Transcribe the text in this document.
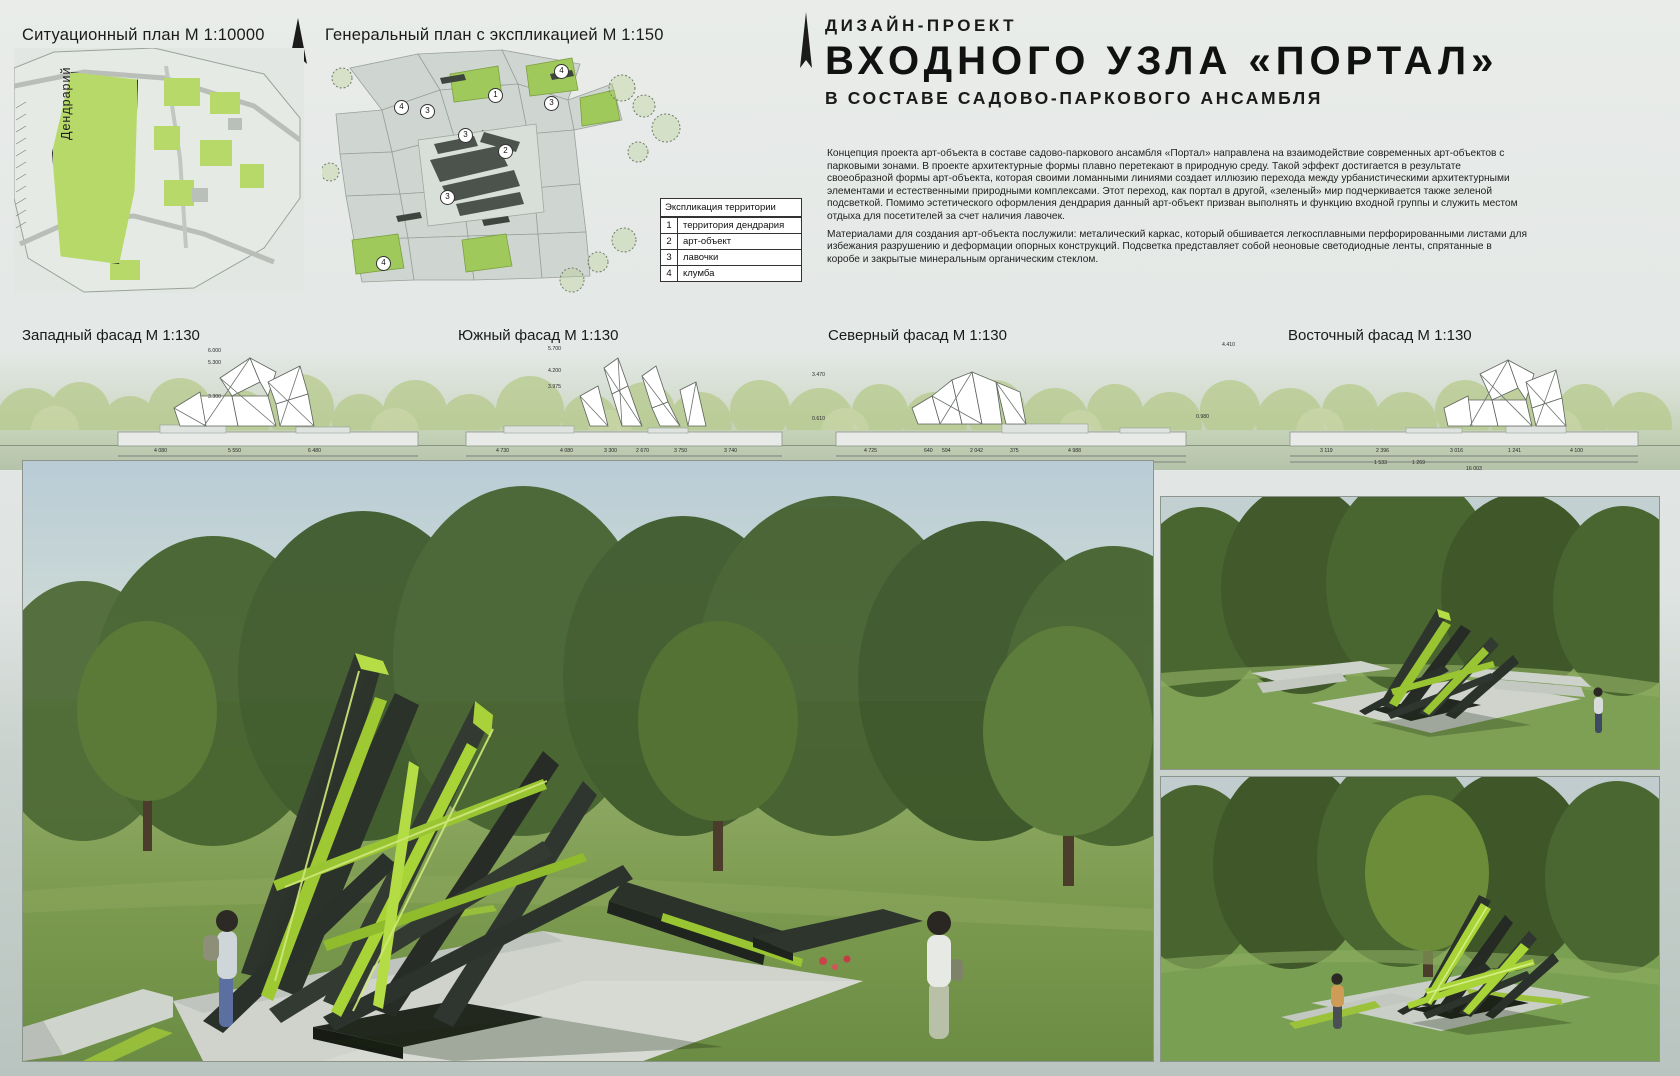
Ситуационный план М 1:10000	Генеральный план с экспликацией М 1:150
Дендрарий	1
2
3
3
3
4
4	3
4
Экспликация территории
1	территория дендрария
2	арт-объект
3	лавочки
4	клумба
ДИЗАЙН-ПРОЕКТ
ВХОДНОГО УЗЛА «ПОРТАЛ»
В СОСТАВЕ САДОВО-ПАРКОВОГО АНСАМБЛЯ

Концепция проекта арт-объекта в составе садово-паркового ансамбля «Портал» направлена на взаимодействие современных арт-объектов с парковыми зонами. В проекте архитектурные формы плавно перетекают в природную среду. Такой эффект достигается в результате своеобразной формы арт-объекта, которая своими ломанными линиями создает иллюзию перехода между урбанистическими архитектурными элементами и естественными природными комплексами. Этот переход, как портал в другой, «зеленый» мир подчеркивается также зеленой подсветкой. Помимо эстетического оформления дендрария данный арт-объект призван выполнять и функцию входной группы и служить местом отдыха для посетителей за счет наличия лавочек.

Материалами для создания арт-объекта послужили: металический каркас, который обшивается легкосплавными перфорированными листами для избежания разрушению и деформации опорных конструкций. Подсветка представляет собой неоновые светодиодные ленты, спрятанные в коробе и закрытые минеральным органическим стеклом.

Западный фасад М 1:130	Южный фасад М 1:130	Северный фасад М 1:130	Восточный фасад М 1:130
4 080	5 550	6 480
6.000
5.300
3.300
4 730	4 080	3 300	2 670	3 750	3 740
5.700
4.200
3.975
4 725	640 594	2 042	375	4 988
3.470
0.610
3 119	2 396
1 533	1 269
3 016	1 241	4 100
16 003
4.410
0.980
